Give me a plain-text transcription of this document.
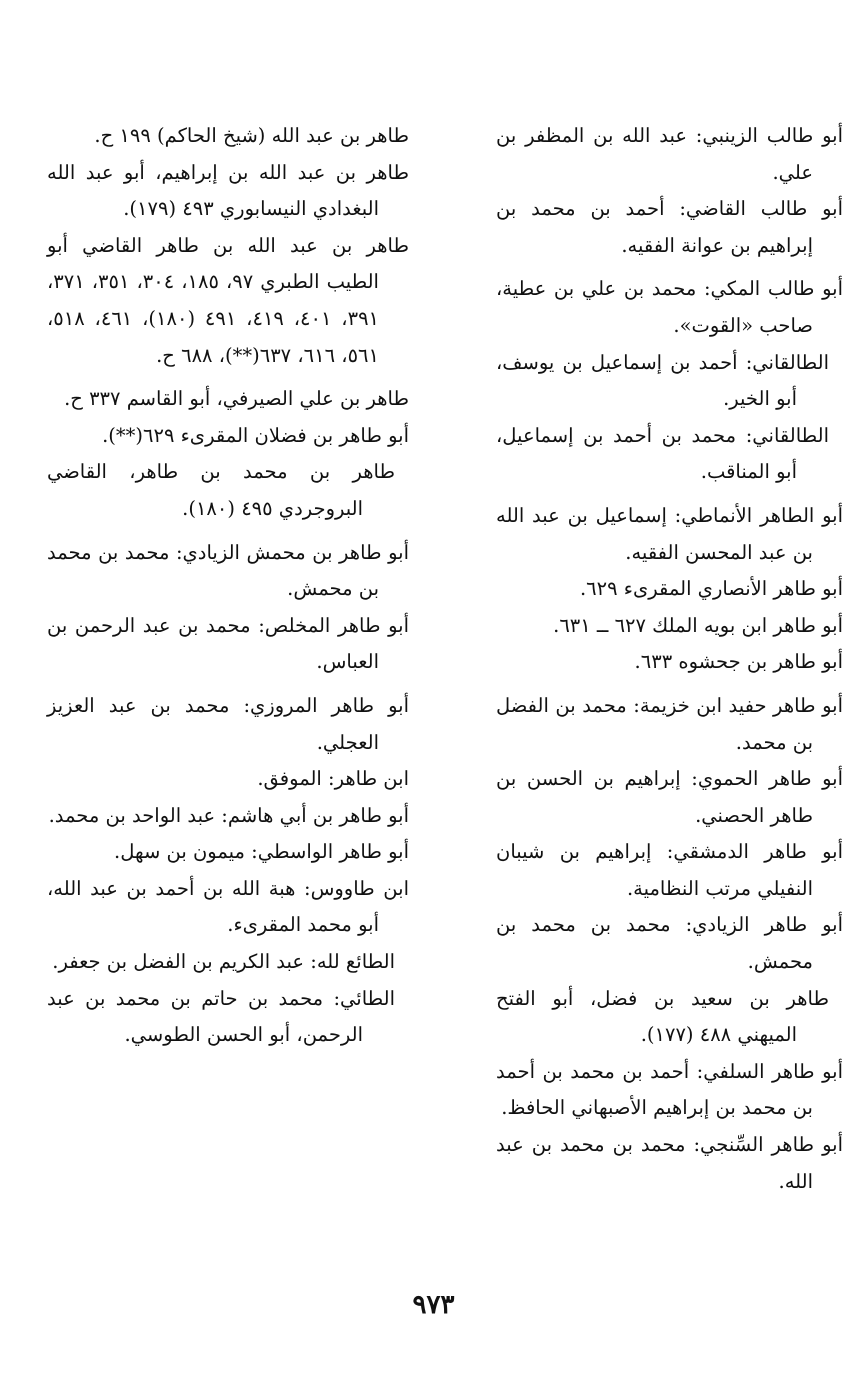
أبو طالب الزينبي: عبد الله بن المظفر بن علي.

أبو طالب القاضي: أحمد بن محمد بن إبراهيم بن عوانة الفقيه.

أبو طالب المكي: محمد بن علي بن عطية، صاحب «القوت».

الطالقاني: أحمد بن إسماعيل بن يوسف، أبو الخير.

الطالقاني: محمد بن أحمد بن إسماعيل، أبو المناقب.

أبو الطاهر الأنماطي: إسماعيل بن عبد الله بن عبد المحسن الفقيه.

أبو طاهر الأنصاري المقرىء ٦٢٩.

أبو طاهر ابن بويه الملك ٦٢٧ ــ ٦٣١.

أبو طاهر بن جحشوه ٦٣٣.

أبو طاهر حفيد ابن خزيمة: محمد بن الفضل بن محمد.

أبو طاهر الحموي: إبراهيم بن الحسن بن طاهر الحصني.

أبو طاهر الدمشقي: إبراهيم بن شيبان النفيلي مرتب النظامية.

أبو طاهر الزيادي: محمد بن محمد بن محمش.

طاهر بن سعيد بن فضل، أبو الفتح الميهني ٤٨٨ (١٧٧).

أبو طاهر السلفي: أحمد بن محمد بن أحمد بن محمد بن إبراهيم الأصبهاني الحافظ.

أبو طاهر السِّنجي: محمد بن محمد بن عبد الله.

طاهر بن عبد الله (شيخ الحاكم) ١٩٩ ح.

طاهر بن عبد الله بن إبراهيم، أبو عبد الله البغدادي النيسابوري ٤٩٣ (١٧٩).

طاهر بن عبد الله بن طاهر القاضي أبو الطيب الطبري ٩٧، ١٨٥، ٣٠٤، ٣٥١، ٣٧١، ٣٩١، ٤٠١، ٤١٩، ٤٩١ (١٨٠)، ٤٦١، ٥١٨، ٥٦١، ٦١٦، ٦٣٧(**)، ٦٨٨ ح.

طاهر بن علي الصيرفي، أبو القاسم ٣٣٧ ح.

أبو طاهر بن فضلان المقرىء ٦٢٩(**).

طاهر بن محمد بن طاهر، القاضي البروجردي ٤٩٥ (١٨٠).

أبو طاهر بن محمش الزيادي: محمد بن محمد بن محمش.

أبو طاهر المخلص: محمد بن عبد الرحمن بن العباس.

أبو طاهر المروزي: محمد بن عبد العزيز العجلي.

ابن طاهر: الموفق.

أبو طاهر بن أبي هاشم: عبد الواحد بن محمد.

أبو طاهر الواسطي: ميمون بن سهل.

ابن طاووس: هبة الله بن أحمد بن عبد الله، أبو محمد المقرىء.

الطائع لله: عبد الكريم بن الفضل بن جعفر.

الطائي: محمد بن حاتم بن محمد بن عبد الرحمن، أبو الحسن الطوسي.

٩٧٣
